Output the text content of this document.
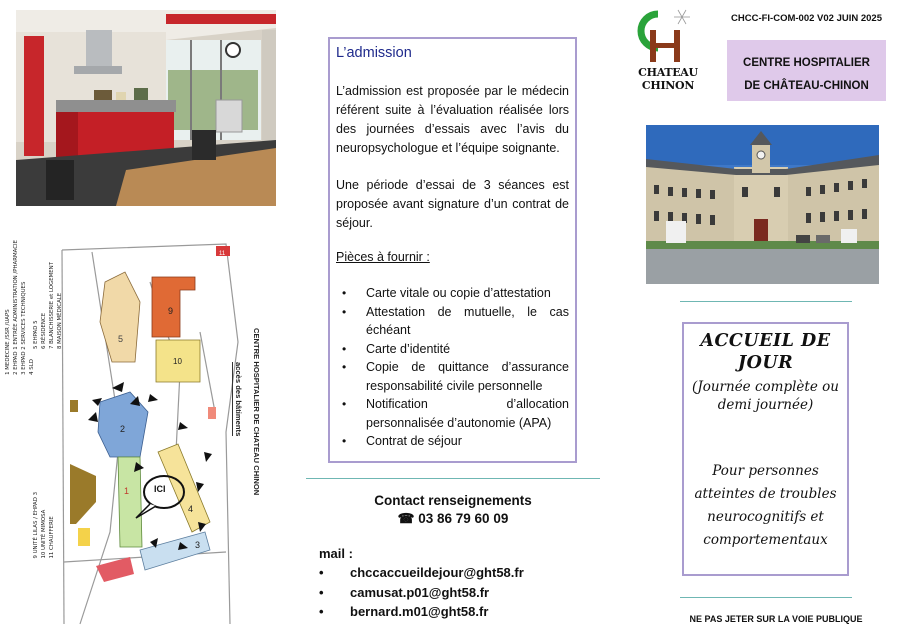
5
9
10
11
2
1
4
3
1 MEDECINE /SSR /UAPS 2 EHPAD 1 ENTRÉE ADMINISTRATION /PHARMACIE 3 EHPAD 2 SERVICES TECHNIQUES 4 SLD
5 EHPAD 5 6 RÉSIDENCE 7 BLANCHISSERIE et LOGEMENT 8 MAISON MÉDICALE
9 UNITÉ LILAS / EHPAD 3 10 UNITÉ MIMOSA 11 CHAUFFERIE
CENTRE HOSPITALIER DE CHATEAU CHINON
accès des bâtiments
ICI
L’admission

L’admission est proposée par le médecin référent suite à l’évaluation réalisée lors des journées d’essais avec l’avis du neuropsychologue et l’équipe soignante.

Une période d’essai de 3 séances est proposée avant signature d’un contrat de séjour.

Pièces à fournir :
• Carte vitale ou copie d’attestation
• Attestation de mutuelle, le cas échéant
• Carte d’identité
• Copie de quittance d’assurance responsabilité civile personnelle
• Notification d’allocation personnalisée d’autonomie (APA)
• Contrat de séjour
Contact renseignements
☎ 03 86 79 60 09
mail :
• chccaccueildejour@ght58.fr
• camusat.p01@ght58.fr
• bernard.m01@ght58.fr
CHATEAU CHINON
CHCC-FI-COM-002 V02 JUIN 2025
CENTRE HOSPITALIER
DE CHÂTEAU-CHINON
ACCUEIL DE JOUR
(Journée complète ou demi journée)
Pour personnes atteintes de troubles neurocognitifs et comportementaux
NE PAS JETER SUR LA VOIE PUBLIQUE
